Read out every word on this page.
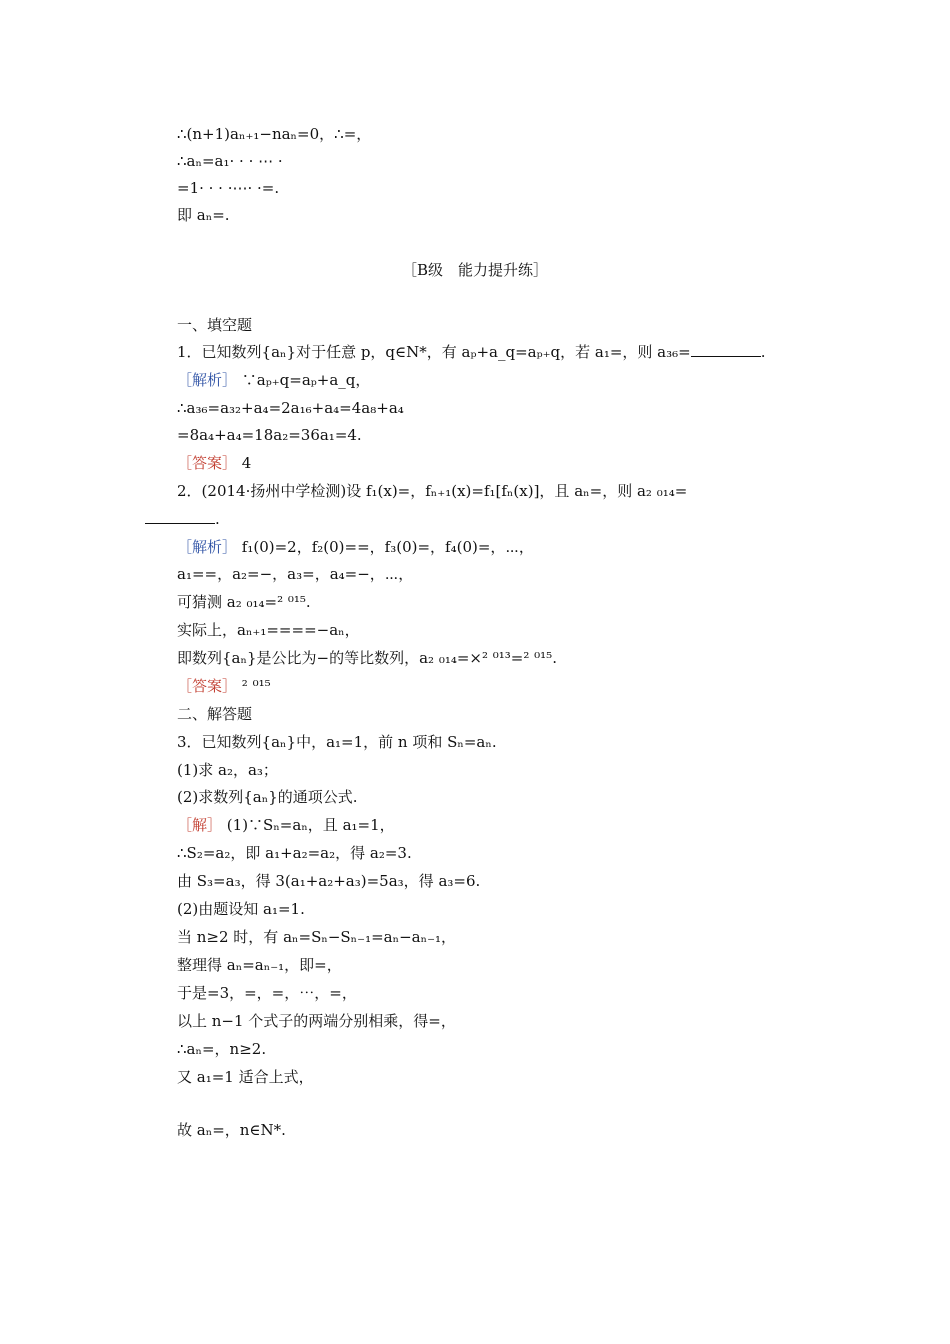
∴(n+1)aₙ₊₁−naₙ=0，∴=，
∴aₙ=a₁· · · ⋯ ·
=1· · · ·⋯· ·=.
即 aₙ=.
［B级　能力提升练］
一、填空题
1．已知数列{aₙ}对于任意 p，q∈N*，有 aₚ+a_q=aₚ₊q，若 a₁=，则 a₃₆=	.
［解析］ ∵aₚ₊q=aₚ+a_q，
∴a₃₆=a₃₂+a₄=2a₁₆+a₄=4a₈+a₄
=8a₄+a₄=18a₂=36a₁=4.
［答案］ 4
2．(2014·扬州中学检测)设 f₁(x)=，fₙ₊₁(x)=f₁[fₙ(x)]，且 aₙ=，则 a₂ ₀₁₄=
.
［解析］ f₁(0)=2，f₂(0)==，f₃(0)=，f₄(0)=，⋯，
a₁==，a₂=−，a₃=，a₄=−，⋯，
可猜测 a₂ ₀₁₄=² ⁰¹⁵.
实际上，aₙ₊₁====−aₙ，
即数列{aₙ}是公比为−的等比数列，a₂ ₀₁₄=×² ⁰¹³=² ⁰¹⁵.
［答案］ ² ⁰¹⁵
二、解答题
3．已知数列{aₙ}中，a₁=1，前 n 项和 Sₙ=aₙ.
(1)求 a₂，a₃；
(2)求数列{aₙ}的通项公式.
［解］ (1)∵Sₙ=aₙ，且 a₁=1，
∴S₂=a₂，即 a₁+a₂=a₂，得 a₂=3.
由 S₃=a₃，得 3(a₁+a₂+a₃)=5a₃，得 a₃=6.
(2)由题设知 a₁=1.
当 n≥2 时，有 aₙ=Sₙ−Sₙ₋₁=aₙ−aₙ₋₁，
整理得 aₙ=aₙ₋₁，即=，
于是=3，=，=，⋯，=，
以上 n−1 个式子的两端分别相乘，得=，
∴aₙ=，n≥2.
又 a₁=1 适合上式，
故 aₙ=，n∈N*.
